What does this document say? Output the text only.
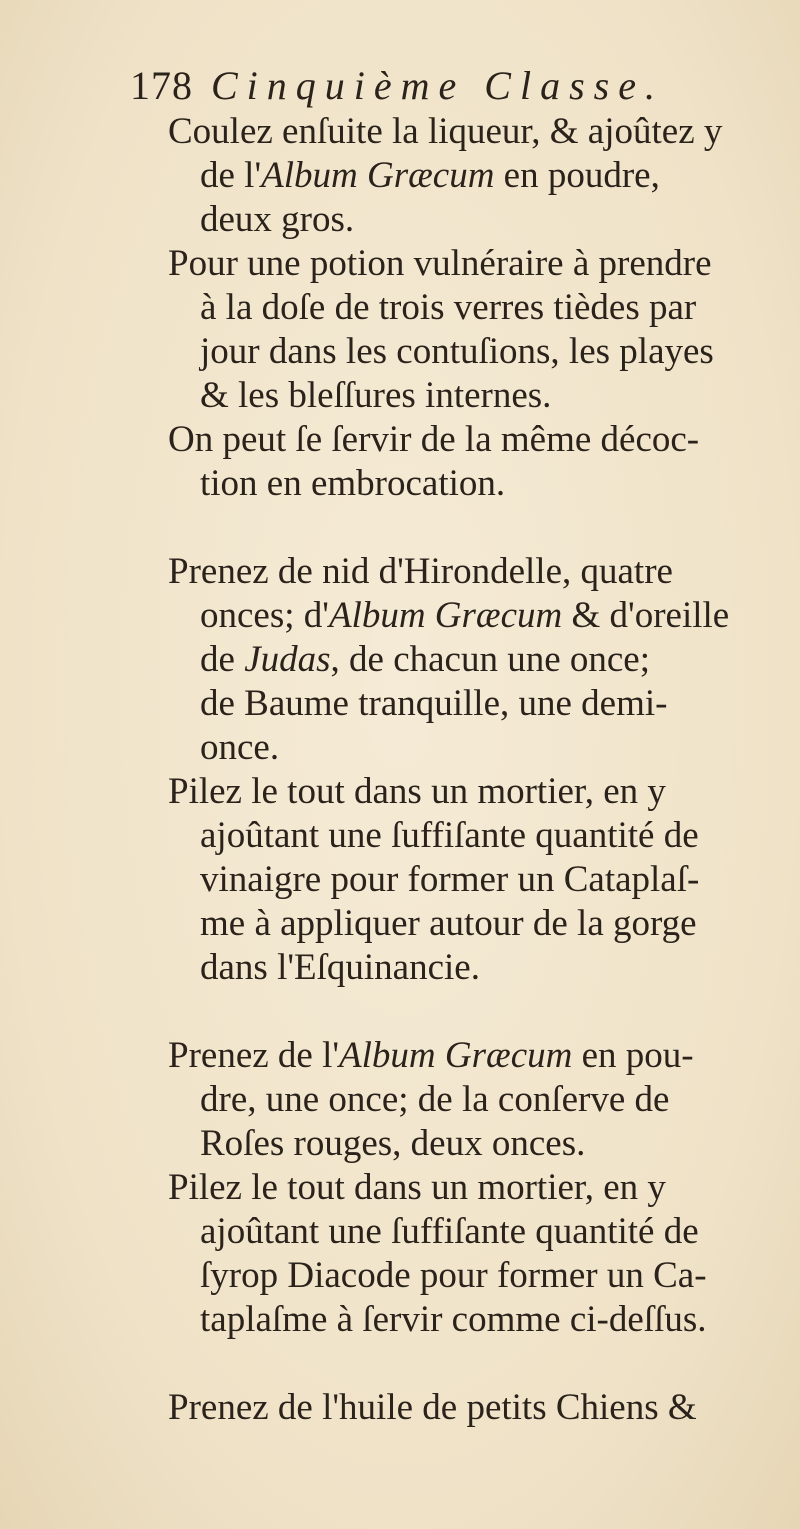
178 Cinquième Classe.
Coulez enſuite la liqueur, & ajoûtez y
de l'Album Græcum en poudre,
deux gros.
Pour une potion vulnéraire à prendre
à la doſe de trois verres tièdes par
jour dans les contuſions, les playes
& les bleſſures internes.
On peut ſe ſervir de la même décoc-
tion en embrocation.
Prenez de nid d'Hirondelle, quatre
onces; d'Album Græcum & d'oreille
de Judas, de chacun une once;
de Baume tranquille, une demi-
once.
Pilez le tout dans un mortier, en y
ajoûtant une ſuffiſante quantité de
vinaigre pour former un Cataplaſ-
me à appliquer autour de la gorge
dans l'Eſquinancie.
Prenez de l'Album Græcum en pou-
dre, une once; de la conſerve de
Roſes rouges, deux onces.
Pilez le tout dans un mortier, en y
ajoûtant une ſuffiſante quantité de
ſyrop Diacode pour former un Ca-
taplaſme à ſervir comme ci-deſſus.
Prenez de l'huile de petits Chiens &
